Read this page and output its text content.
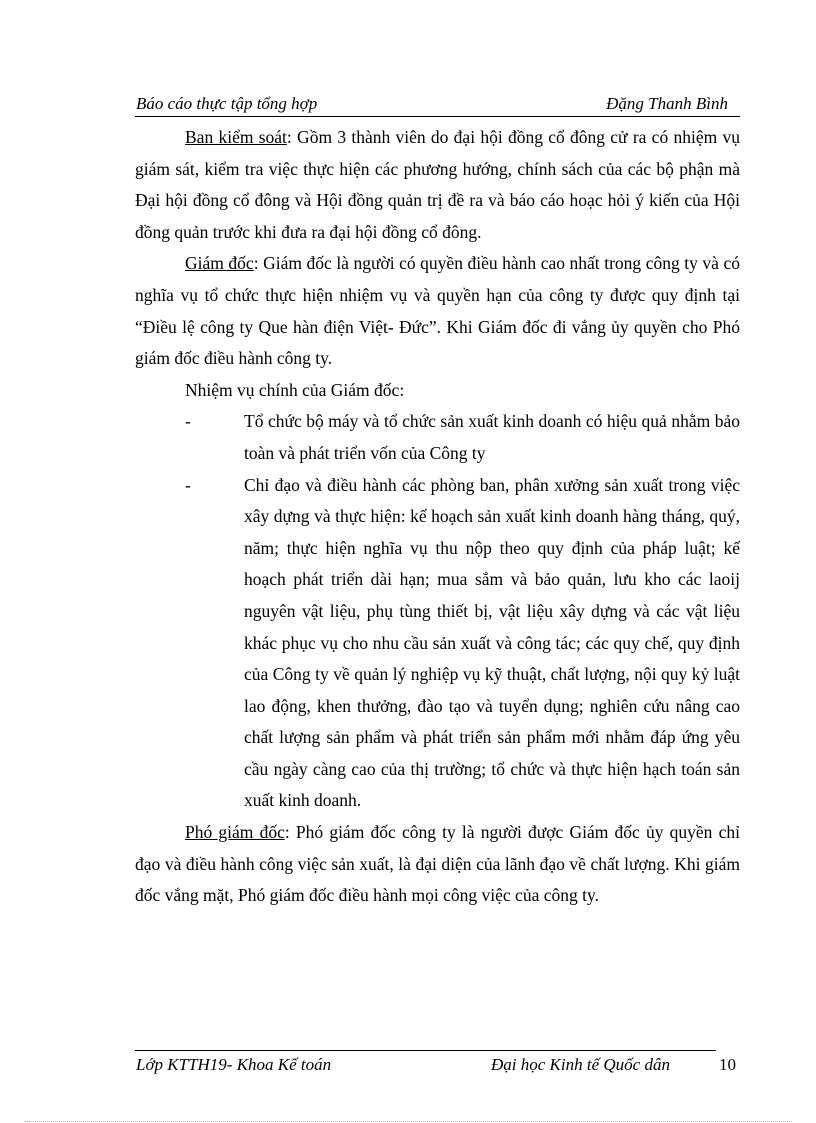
Báo cáo thực tập tổng hợp	Đặng Thanh Bình

Ban kiểm soát: Gồm 3 thành viên do đại hội đồng cổ đông cử ra có nhiệm vụ giám sát, kiểm tra việc thực hiện các phương hướng, chính sách của các bộ phận mà Đại hội đồng cổ đông và Hội đồng quản trị đề ra và báo cáo hoạc hỏi ý kiến của Hội đồng quản trước khi đưa ra đại hội đồng cổ đông.

Giám đốc: Giám đốc là người có quyền điều hành cao nhất trong công ty và có nghĩa vụ tổ chức thực hiện nhiệm vụ và quyền hạn của công ty được quy định tại “Điều lệ công ty Que hàn điện Việt- Đức”. Khi Giám đốc đi vắng ủy quyền cho Phó giám đốc điều hành công ty.

Nhiệm vụ chính của Giám đốc:

-	Tổ chức bộ máy và tổ chức sản xuất kinh doanh có hiệu quả nhằm bảo toàn và phát triển vốn của Công ty
-	Chỉ đạo và điều hành các phòng ban, phân xưởng sản xuất trong việc xây dựng và thực hiện: kế hoạch sản xuất kinh doanh hàng tháng, quý, năm; thực hiện nghĩa vụ thu nộp theo quy định của pháp luật; kế hoạch phát triển dài hạn; mua sắm và bảo quản, lưu kho các laoij nguyên vật liệu, phụ tùng thiết bị, vật liệu xây dựng và các vật liệu khác phục vụ cho nhu cầu sản xuất và công tác; các quy chế, quy định của Công ty về quản lý nghiệp vụ kỹ thuật, chất lượng, nội quy kỷ luật lao động, khen thưởng, đào tạo và tuyển dụng; nghiên cứu nâng cao chất lượng sản phẩm và phát triển sản phẩm mới nhằm đáp ứng yêu cầu ngày càng cao của thị trường; tổ chức và thực hiện hạch toán sản xuất kinh doanh.

Phó giám đốc: Phó giám đốc công ty là người được Giám đốc ủy quyền chỉ đạo và điều hành công việc sản xuất, là đại diện của lãnh đạo về chất lượng. Khi giám đốc vắng mặt, Phó giám đốc điều hành mọi công việc của công ty.

Lớp KTTH19- Khoa Kế toán	Đại học Kinh tế Quốc dân	10
